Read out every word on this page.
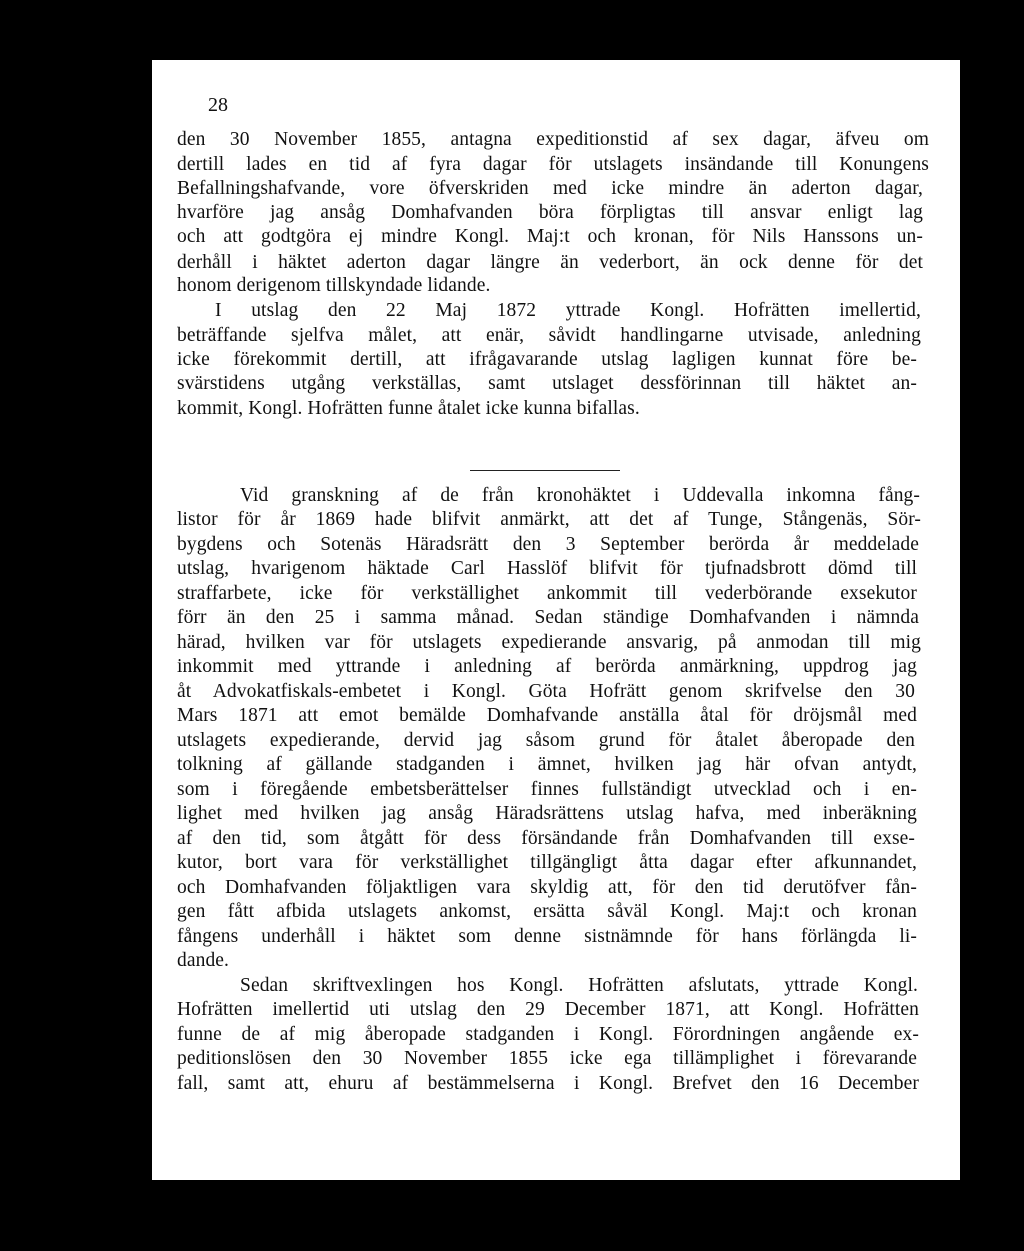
28
den 30 November 1855, antagna expeditionstid af sex dagar, äfveu om
dertill lades en tid af fyra dagar för utslagets insändande till Konungens
Befallningshafvande, vore öfverskriden med icke mindre än aderton dagar,
hvarföre jag ansåg Domhafvanden böra förpligtas till ansvar enligt lag
och att godtgöra ej mindre Kongl. Maj:t och kronan, för Nils Hanssons un-
derhåll i häktet aderton dagar längre än vederbort, än ock denne för det
honom derigenom tillskyndade lidande.
I utslag den 22 Maj 1872 yttrade Kongl. Hofrätten imellertid,
beträffande sjelfva målet, att enär, såvidt handlingarne utvisade, anledning
icke förekommit dertill, att ifrågavarande utslag lagligen kunnat före be-
svärstidens utgång verkställas, samt utslaget dessförinnan till häktet an-
kommit, Kongl. Hofrätten funne åtalet icke kunna bifallas.
Vid granskning af de från kronohäktet i Uddevalla inkomna fång-
listor för år 1869 hade blifvit anmärkt, att det af Tunge, Stångenäs, Sör-
bygdens och Sotenäs Häradsrätt den 3 September berörda år meddelade
utslag, hvarigenom häktade Carl Hasslöf blifvit för tjufnadsbrott dömd till
straffarbete, icke för verkställighet ankommit till vederbörande exsekutor
förr än den 25 i samma månad. Sedan ständige Domhafvanden i nämnda
härad, hvilken var för utslagets expedierande ansvarig, på anmodan till mig
inkommit med yttrande i anledning af berörda anmärkning, uppdrog jag
åt Advokatfiskals-embetet i Kongl. Göta Hofrätt genom skrifvelse den 30
Mars 1871 att emot bemälde Domhafvande anställa åtal för dröjsmål med
utslagets expedierande, dervid jag såsom grund för åtalet åberopade den
tolkning af gällande stadganden i ämnet, hvilken jag här ofvan antydt,
som i föregående embetsberättelser finnes fullständigt utvecklad och i en-
lighet med hvilken jag ansåg Häradsrättens utslag hafva, med inberäkning
af den tid, som åtgått för dess försändande från Domhafvanden till exse-
kutor, bort vara för verkställighet tillgängligt åtta dagar efter afkunnandet,
och Domhafvanden följaktligen vara skyldig att, för den tid derutöfver fån-
gen fått afbida utslagets ankomst, ersätta såväl Kongl. Maj:t och kronan
fångens underhåll i häktet som denne sistnämnde för hans förlängda li-
dande.
Sedan skriftvexlingen hos Kongl. Hofrätten afslutats, yttrade Kongl.
Hofrätten imellertid uti utslag den 29 December 1871, att Kongl. Hofrätten
funne de af mig åberopade stadganden i Kongl. Förordningen angående ex-
peditionslösen den 30 November 1855 icke ega tillämplighet i förevarande
fall, samt att, ehuru af bestämmelserna i Kongl. Brefvet den 16 December
